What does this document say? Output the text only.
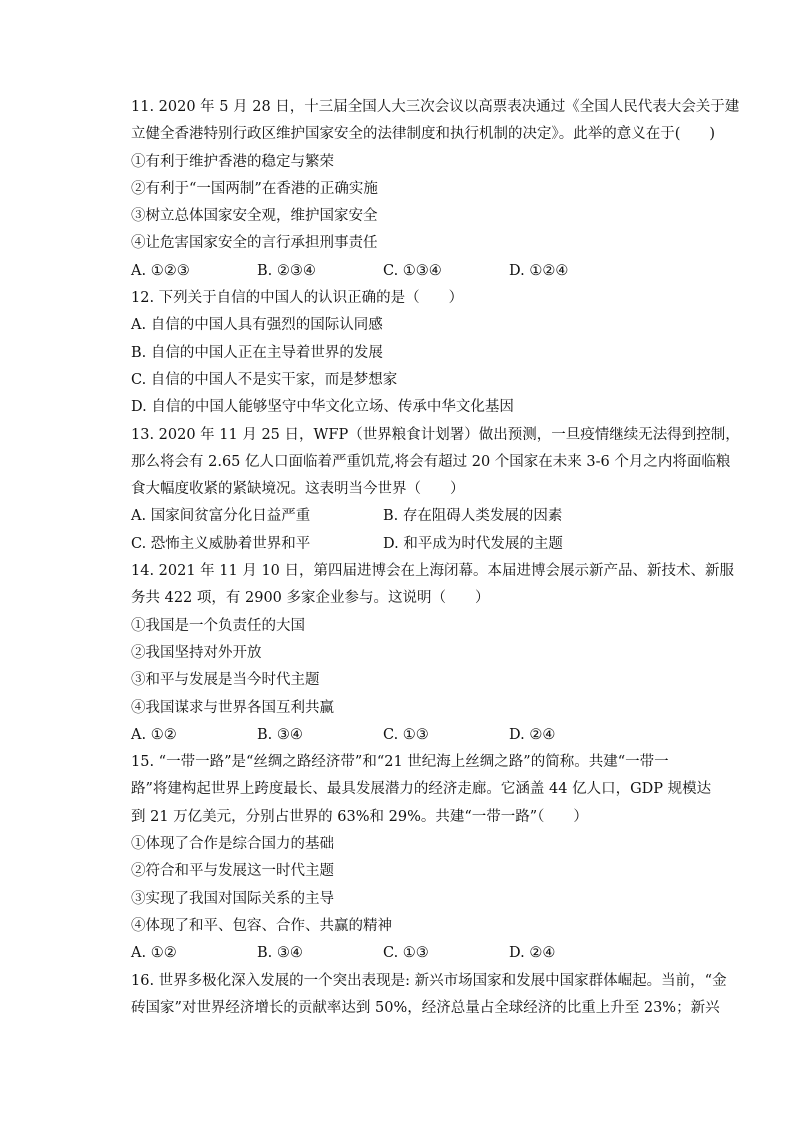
11. 2020 年 5 月 28 日，十三届全国人大三次会议以高票表决通过《全国人民代表大会关于建
立健全香港特别行政区维护国家安全的法律制度和执行机制的决定》。此举的意义在于(　　)
①有利于维护香港的稳定与繁荣
②有利于“一国两制”在香港的正确实施
③树立总体国家安全观，维护国家安全
④让危害国家安全的言行承担刑事责任
A. ①②③	B. ②③④	C. ①③④	D. ①②④
12. 下列关于自信的中国人的认识正确的是（　　）
A. 自信的中国人具有强烈的国际认同感
B. 自信的中国人正在主导着世界的发展
C. 自信的中国人不是实干家，而是梦想家
D. 自信的中国人能够坚守中华文化立场、传承中华文化基因
13. 2020 年 11 月 25 日，WFP（世界粮食计划署）做出预测，一旦疫情继续无法得到控制，
那么将会有 2.65 亿人口面临着严重饥荒,将会有超过 20 个国家在未来 3-6 个月之内将面临粮
食大幅度收紧的紧缺境况。这表明当今世界（　　）
A. 国家间贫富分化日益严重	B. 存在阻碍人类发展的因素
C. 恐怖主义威胁着世界和平	D. 和平成为时代发展的主题
14. 2021 年 11 月 10 日，第四届进博会在上海闭幕。本届进博会展示新产品、新技术、新服
务共 422 项，有 2900 多家企业参与。这说明（　　）
①我国是一个负责任的大国
②我国坚持对外开放
③和平与发展是当今时代主题
④我国谋求与世界各国互利共赢
A. ①②	B. ③④	C. ①③	D. ②④
15. “一带一路”是“丝绸之路经济带”和“21 世纪海上丝绸之路”的简称。共建“一带一
路”将建构起世界上跨度最长、最具发展潜力的经济走廊。它涵盖 44 亿人口，GDP 规模达
到 21 万亿美元，分别占世界的 63%和 29%。共建“一带一路”（　　）
①体现了合作是综合国力的基础
②符合和平与发展这一时代主题
③实现了我国对国际关系的主导
④体现了和平、包容、合作、共赢的精神
A. ①②	B. ③④	C. ①③	D. ②④
16. 世界多极化深入发展的一个突出表现是: 新兴市场国家和发展中国家群体崛起。当前，“金
砖国家”对世界经济增长的贡献率达到 50%，经济总量占全球经济的比重上升至 23%；新兴
